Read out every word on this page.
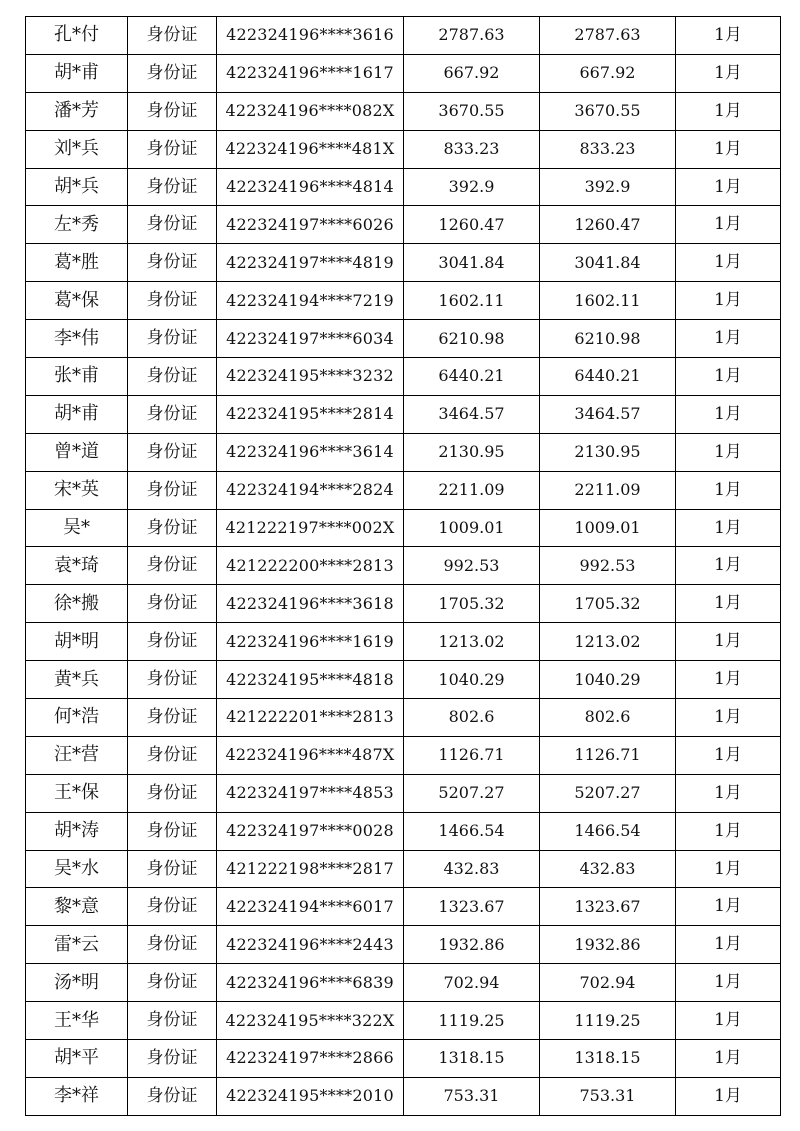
孔*付	身份证	422324196****3616	2787.63	2787.63	1月
胡*甫	身份证	422324196****1617	667.92	667.92	1月
潘*芳	身份证	422324196****082X	3670.55	3670.55	1月
刘*兵	身份证	422324196****481X	833.23	833.23	1月
胡*兵	身份证	422324196****4814	392.9	392.9	1月
左*秀	身份证	422324197****6026	1260.47	1260.47	1月
葛*胜	身份证	422324197****4819	3041.84	3041.84	1月
葛*保	身份证	422324194****7219	1602.11	1602.11	1月
李*伟	身份证	422324197****6034	6210.98	6210.98	1月
张*甫	身份证	422324195****3232	6440.21	6440.21	1月
胡*甫	身份证	422324195****2814	3464.57	3464.57	1月
曾*道	身份证	422324196****3614	2130.95	2130.95	1月
宋*英	身份证	422324194****2824	2211.09	2211.09	1月
吴*	身份证	421222197****002X	1009.01	1009.01	1月
袁*琦	身份证	421222200****2813	992.53	992.53	1月
徐*搬	身份证	422324196****3618	1705.32	1705.32	1月
胡*明	身份证	422324196****1619	1213.02	1213.02	1月
黄*兵	身份证	422324195****4818	1040.29	1040.29	1月
何*浩	身份证	421222201****2813	802.6	802.6	1月
汪*营	身份证	422324196****487X	1126.71	1126.71	1月
王*保	身份证	422324197****4853	5207.27	5207.27	1月
胡*涛	身份证	422324197****0028	1466.54	1466.54	1月
吴*水	身份证	421222198****2817	432.83	432.83	1月
黎*意	身份证	422324194****6017	1323.67	1323.67	1月
雷*云	身份证	422324196****2443	1932.86	1932.86	1月
汤*明	身份证	422324196****6839	702.94	702.94	1月
王*华	身份证	422324195****322X	1119.25	1119.25	1月
胡*平	身份证	422324197****2866	1318.15	1318.15	1月
李*祥	身份证	422324195****2010	753.31	753.31	1月
